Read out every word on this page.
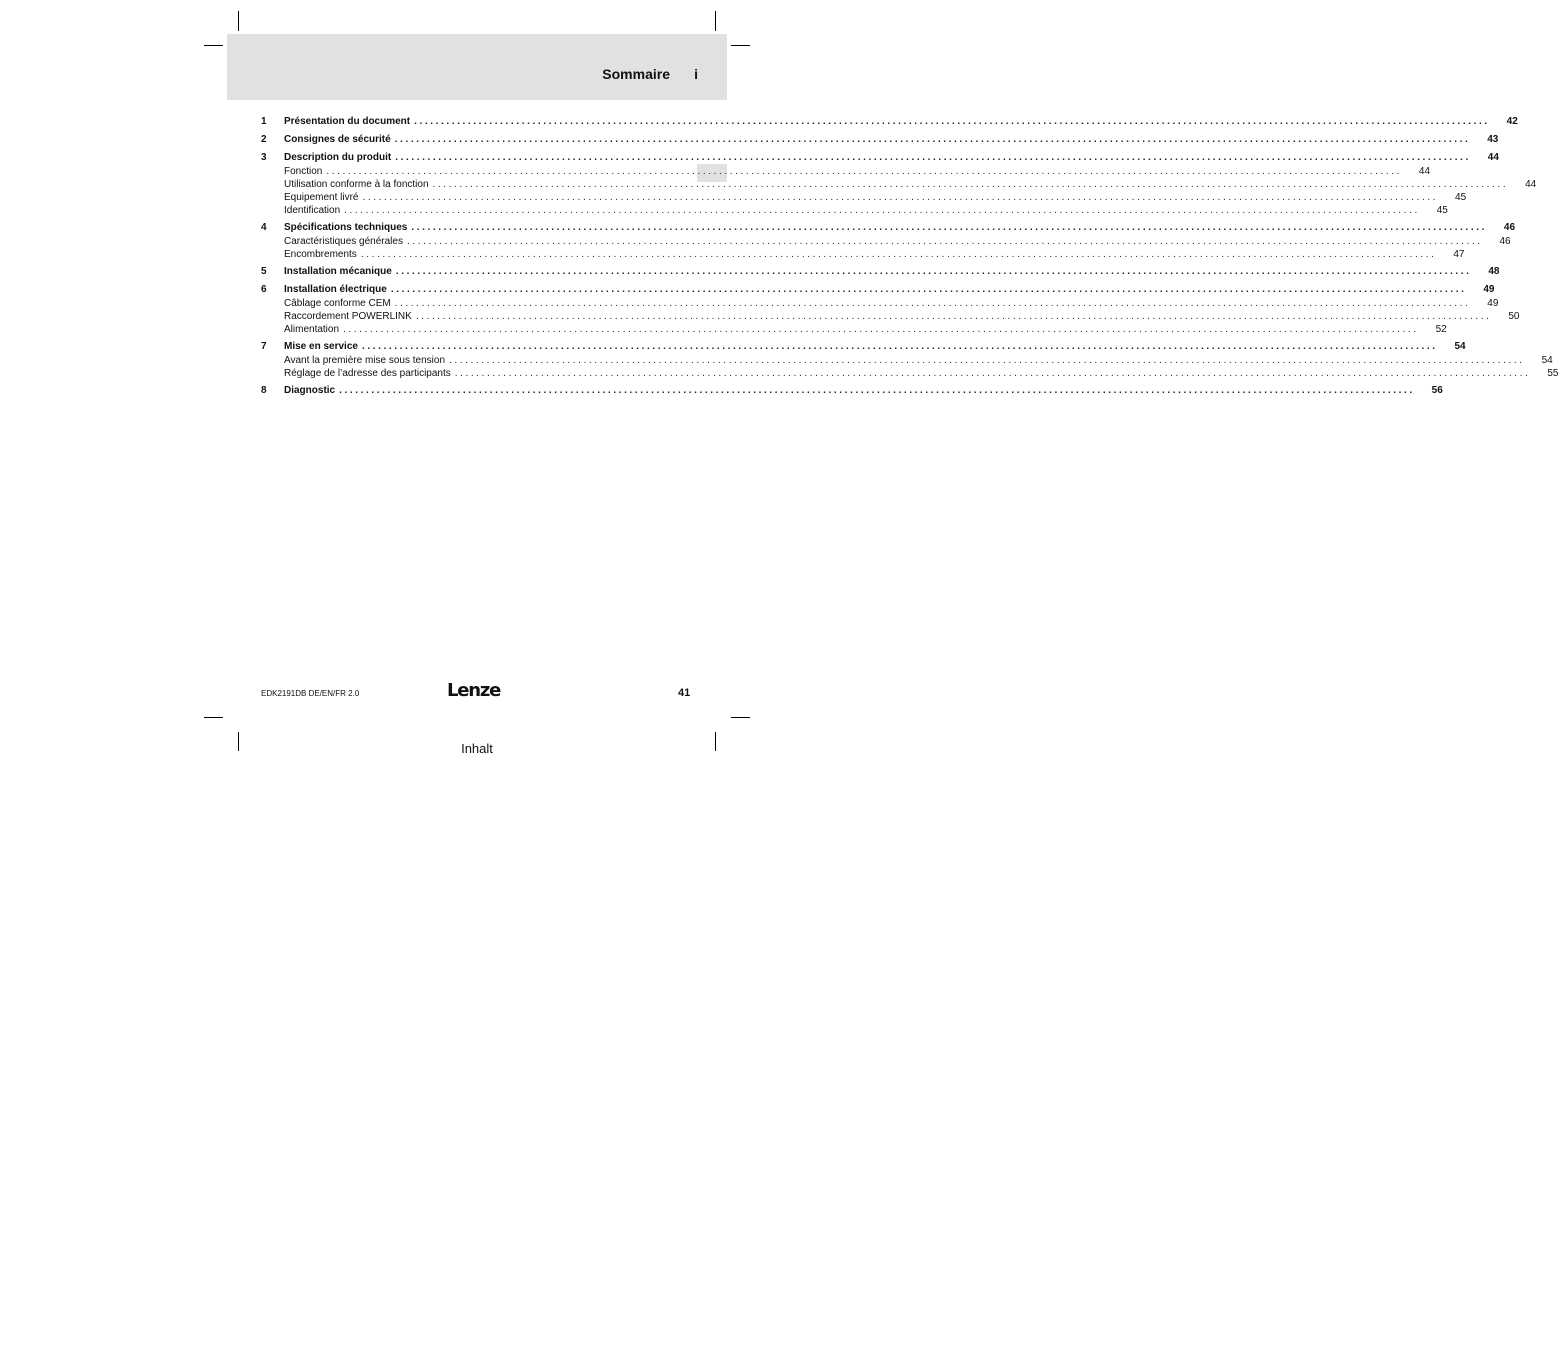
Sommaire i
1	Présentation du document ........................................................................................................................................................................................................ 42
2	Consignes de sécurité ........................................................................................................................................................................................................ 43
3	Description du produit ........................................................................................................................................................................................................ 44
Fonction ........................................................................................................................................................................................................ 44
Utilisation conforme à la fonction ........................................................................................................................................................................................................ 44
Equipement livré ........................................................................................................................................................................................................ 45
Identification ........................................................................................................................................................................................................ 45
4	Spécifications techniques ........................................................................................................................................................................................................ 46
Caractéristiques générales ........................................................................................................................................................................................................ 46
Encombrements ........................................................................................................................................................................................................ 47
5	Installation mécanique ........................................................................................................................................................................................................ 48
6	Installation électrique ........................................................................................................................................................................................................ 49
Câblage conforme CEM ........................................................................................................................................................................................................ 49
Raccordement POWERLINK ........................................................................................................................................................................................................ 50
Alimentation ........................................................................................................................................................................................................ 52
7	Mise en service ........................................................................................................................................................................................................ 54
Avant la première mise sous tension ........................................................................................................................................................................................................ 54
Réglage de l’adresse des participants ........................................................................................................................................................................................................ 55
8	Diagnostic ........................................................................................................................................................................................................ 56
EDK2191DB DE/EN/FR 2.0	Lenze	41
Inhalt
